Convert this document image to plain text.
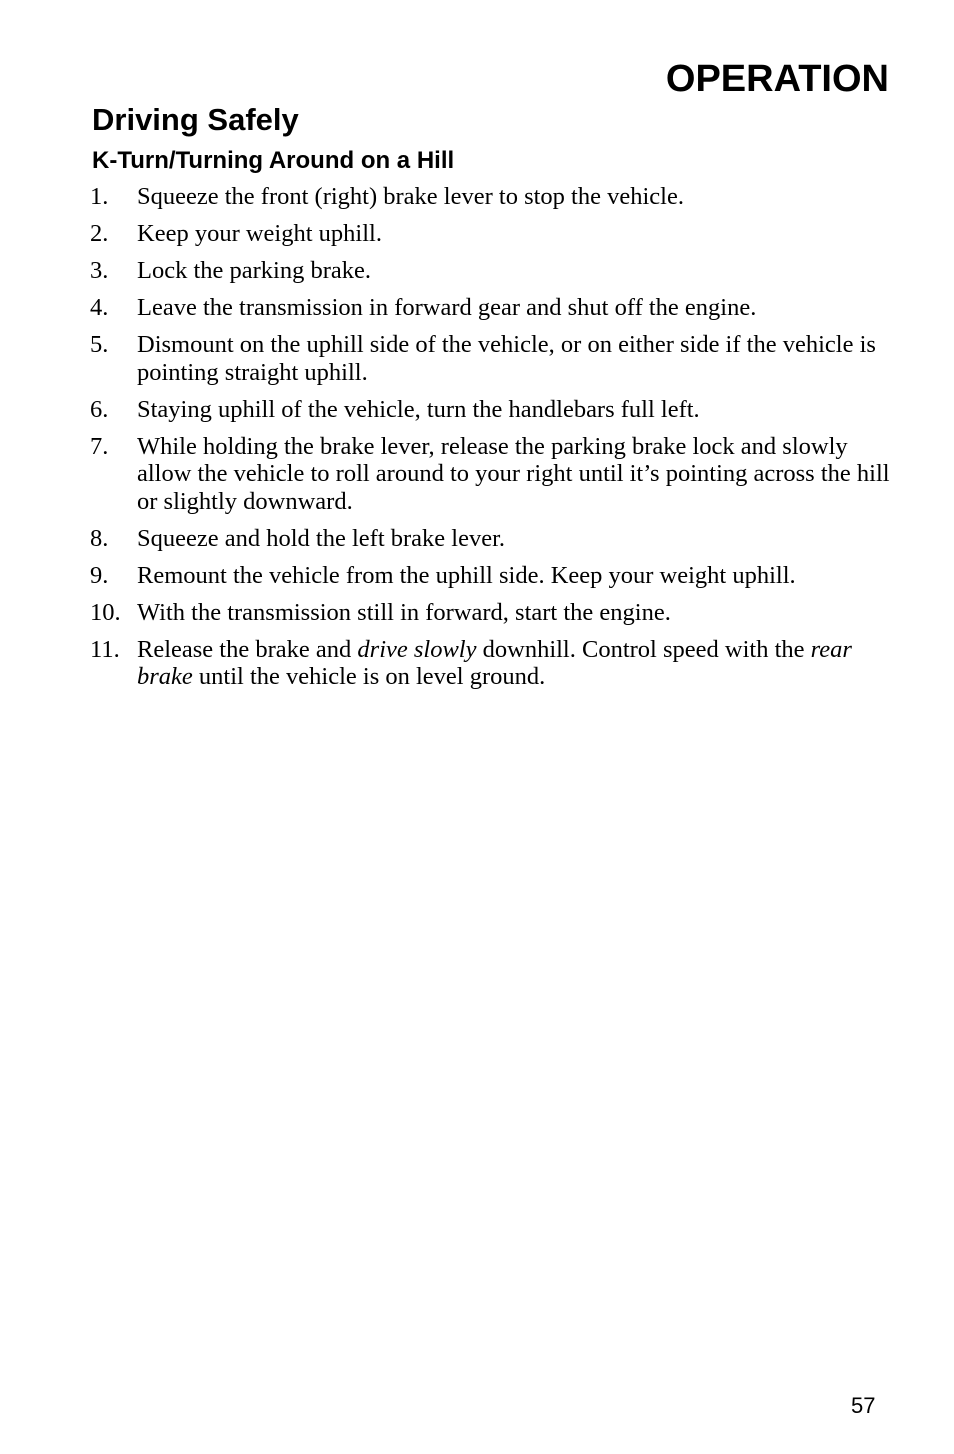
OPERATION
Driving Safely
K-Turn/Turning Around on a Hill
1.	Squeeze the front (right) brake lever to stop the vehicle.
2.	Keep your weight uphill.
3.	Lock the parking brake.
4.	Leave the transmission in forward gear and shut off the engine.
5.	Dismount on the uphill side of the vehicle, or on either side if the vehicle is pointing straight uphill.
6.	Staying uphill of the vehicle, turn the handlebars full left.
7.	While holding the brake lever, release the parking brake lock and slowly allow the vehicle to roll around to your right until it’s pointing across the hill or slightly downward.
8.	Squeeze and hold the left brake lever.
9.	Remount the vehicle from the uphill side. Keep your weight uphill.
10. With the transmission still in forward, start the engine.
11. Release the brake and drive slowly downhill. Control speed with the rear brake until the vehicle is on level ground.
57
